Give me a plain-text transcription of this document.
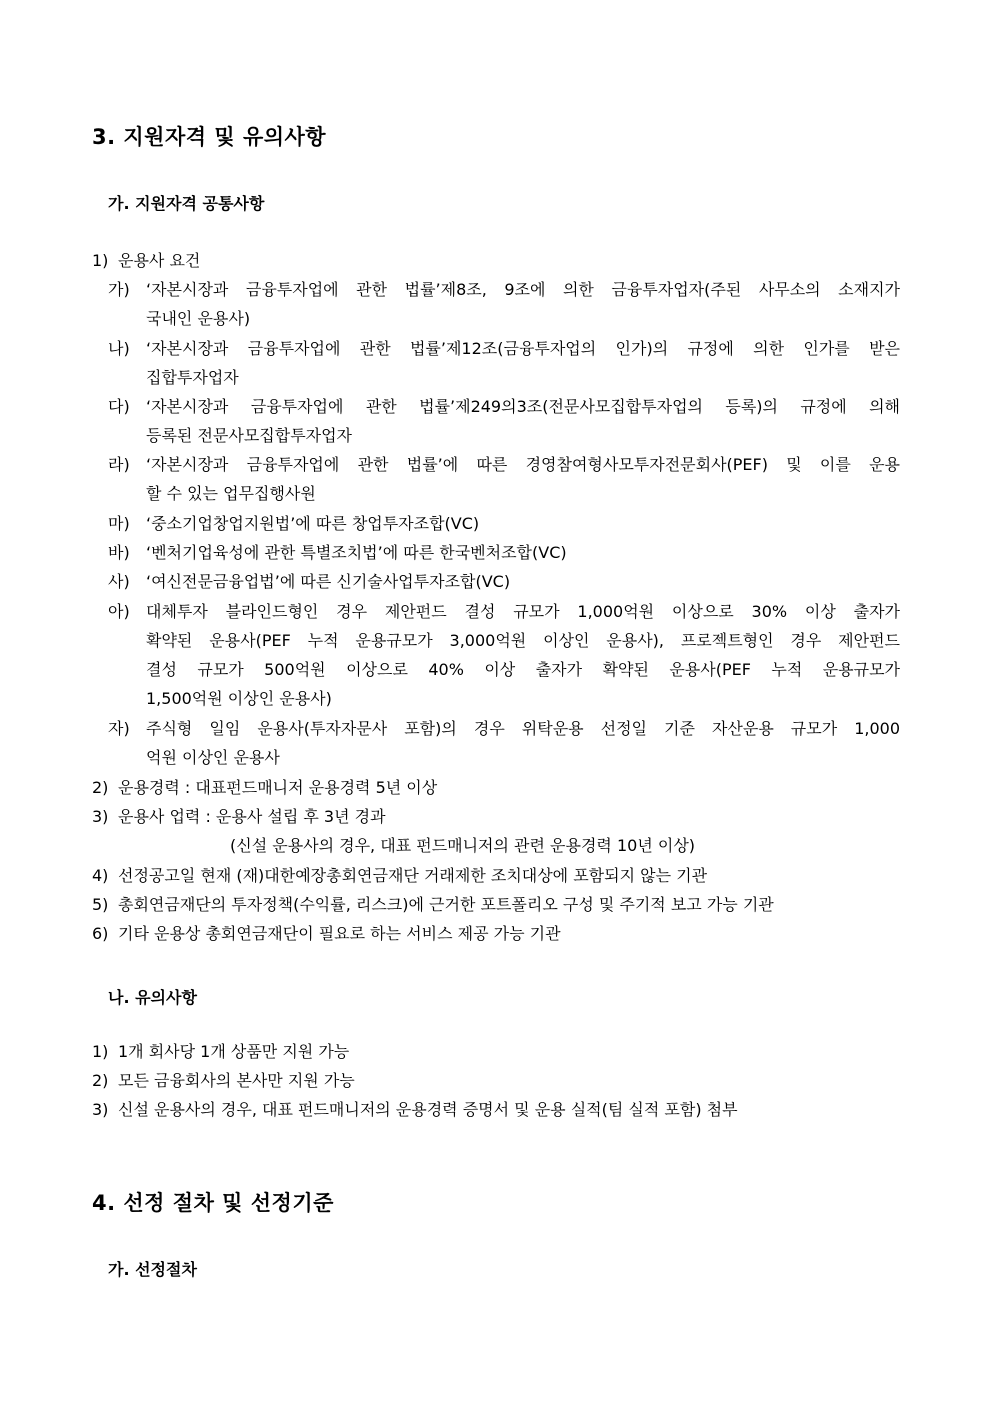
3. 지원자격 및 유의사항
가. 지원자격 공통사항
1) 운용사 요건
가) ‘자본시장과 금융투자업에 관한 법률’제8조, 9조에 의한 금융투자업자(주된 사무소의 소재지가
국내인 운용사)
나) ‘자본시장과 금융투자업에 관한 법률’제12조(금융투자업의 인가)의 규정에 의한 인가를 받은
집합투자업자
다) ‘자본시장과 금융투자업에 관한 법률’제249의3조(전문사모집합투자업의 등록)의 규정에 의해
등록된 전문사모집합투자업자
라) ‘자본시장과 금융투자업에 관한 법률’에 따른 경영참여형사모투자전문회사(PEF) 및 이를 운용
할 수 있는 업무집행사원
마) ‘중소기업창업지원법’에 따른 창업투자조합(VC)
바) ‘벤처기업육성에 관한 특별조치법’에 따른 한국벤처조합(VC)
사) ‘여신전문금융업법’에 따른 신기술사업투자조합(VC)
아) 대체투자 블라인드형인 경우 제안펀드 결성 규모가 1,000억원 이상으로 30% 이상 출자가
확약된 운용사(PEF 누적 운용규모가 3,000억원 이상인 운용사), 프로젝트형인 경우 제안펀드
결성 규모가 500억원 이상으로 40% 이상 출자가 확약된 운용사(PEF 누적 운용규모가
1,500억원 이상인 운용사)
자) 주식형 일임 운용사(투자자문사 포함)의 경우 위탁운용 선정일 기준 자산운용 규모가 1,000
억원 이상인 운용사
2) 운용경력 : 대표펀드매니저 운용경력 5년 이상
3) 운용사 업력 : 운용사 설립 후 3년 경과
(신설 운용사의 경우, 대표 펀드매니저의 관련 운용경력 10년 이상)
4) 선정공고일 현재 (재)대한예장총회연금재단 거래제한 조치대상에 포함되지 않는 기관
5) 총회연금재단의 투자정책(수익률, 리스크)에 근거한 포트폴리오 구성 및 주기적 보고 가능 기관
6) 기타 운용상 총회연금재단이 필요로 하는 서비스 제공 가능 기관
나. 유의사항
1) 1개 회사당 1개 상품만 지원 가능
2) 모든 금융회사의 본사만 지원 가능
3) 신설 운용사의 경우, 대표 펀드매니저의 운용경력 증명서 및 운용 실적(팀 실적 포함) 첨부
4. 선정 절차 및 선정기준
가. 선정절차
